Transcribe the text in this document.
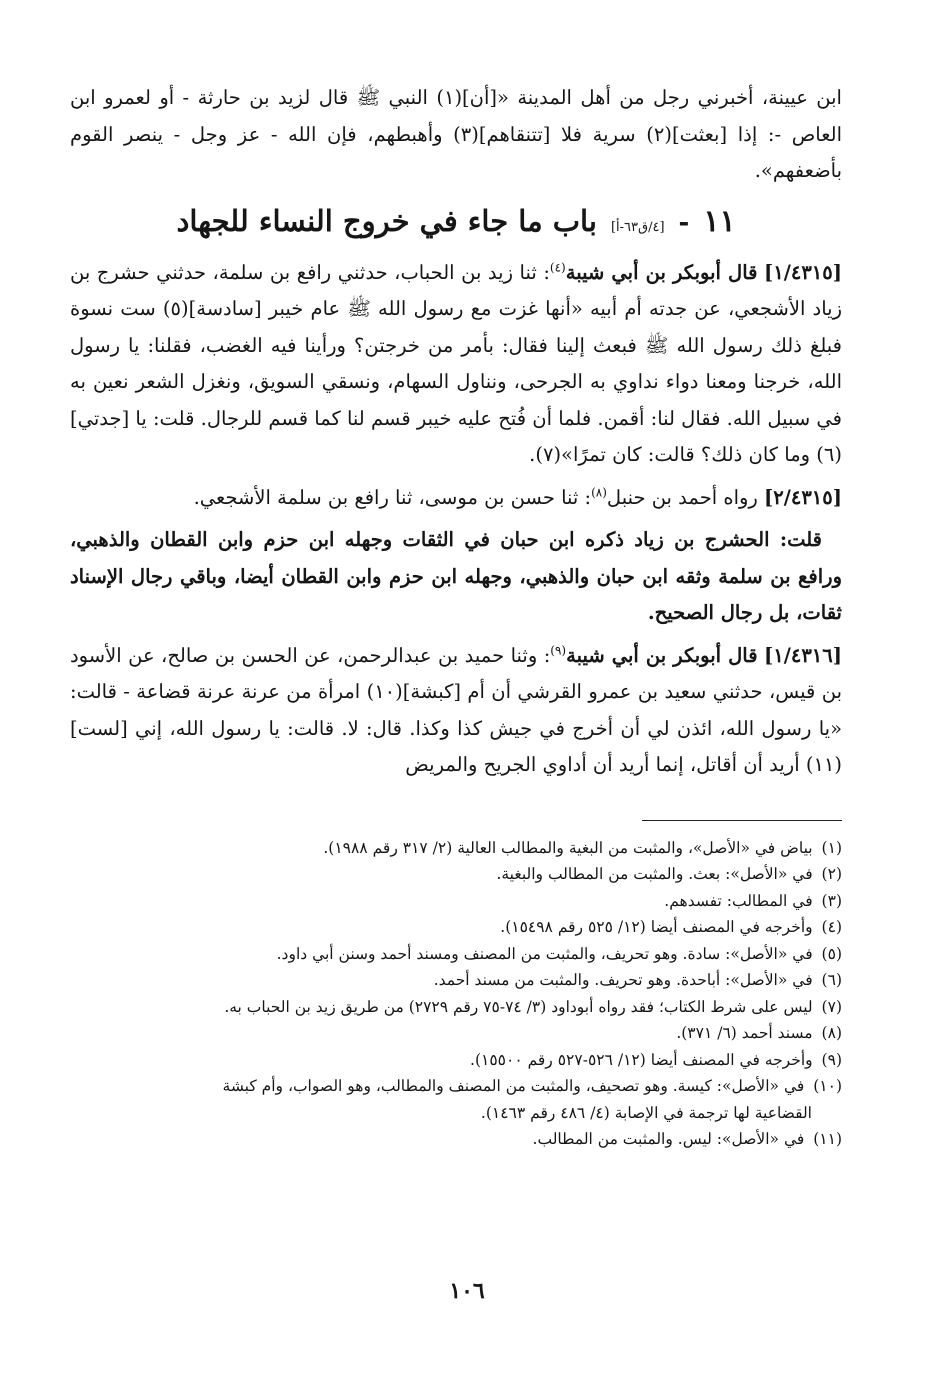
ابن عيينة، أخبرني رجل من أهل المدينة «[أن](١) النبي ﷺ قال لزيد بن حارثة - أو لعمرو ابن العاص -: إذا [بعثت](٢) سرية فلا [تتنقاهم](٣) وأهبطهم، فإن الله - عز وجل - ينصر القوم بأضعفهم».

١١
-
[٤/ق٦٣-أ]
باب ما جاء في خروج النساء للجهاد

[١/٤٣١٥] قال أبوبكر بن أبي شيبة$^{(٤)}$: ثنا زيد بن الحباب، حدثني رافع بن سلمة، حدثني حشرج بن زياد الأشجعي، عن جدته أم أبيه «أنها غزت مع رسول الله ﷺ عام خيبر [سادسة](٥) ست نسوة فبلغ ذلك رسول الله ﷺ فبعث إلينا فقال: بأمر من خرجتن؟ ورأينا فيه الغضب، فقلنا: يا رسول الله، خرجنا ومعنا دواء نداوي به الجرحى، ونناول السهام، ونسقي السويق، ونغزل الشعر نعين به في سبيل الله. فقال لنا: أقمن. فلما أن فُتح عليه خيبر قسم لنا كما قسم للرجال. قلت: يا [جدتي](٦) وما كان ذلك؟ قالت: كان تمرًا»(٧).

[٢/٤٣١٥] رواه أحمد بن حنبل$^{(٨)}$: ثنا حسن بن موسى، ثنا رافع بن سلمة الأشجعي.

قلت: الحشرج بن زياد ذكره ابن حبان في الثقات وجهله ابن حزم وابن القطان والذهبي، ورافع بن سلمة وثقه ابن حبان والذهبي، وجهله ابن حزم وابن القطان أيضا، وباقي رجال الإسناد ثقات، بل رجال الصحيح.

[١/٤٣١٦] قال أبوبكر بن أبي شيبة$^{(٩)}$: وثنا حميد بن عبدالرحمن، عن الحسن بن صالح، عن الأسود بن قيس، حدثني سعيد بن عمرو القرشي أن أم [كبشة](١٠) امرأة من عرنة عرنة قضاعة - قالت: «يا رسول الله، ائذن لي أن أخرج في جيش كذا وكذا. قال: لا. قالت: يا رسول الله، إني [لست](١١) أريد أن أقاتل، إنما أريد أن أداوي الجريح والمريض

(١) بياض في «الأصل»، والمثبت من البغية والمطالب العالية (٢/ ٣١٧ رقم ١٩٨٨).
(٢) في «الأصل»: بعث. والمثبت من المطالب والبغية.
(٣) في المطالب: تفسدهم.
(٤) وأخرجه في المصنف أيضا (١٢/ ٥٢٥ رقم ١٥٤٩٨).
(٥) في «الأصل»: سادة. وهو تحريف، والمثبت من المصنف ومسند أحمد وسنن أبي داود.
(٦) في «الأصل»: أباحدة. وهو تحريف. والمثبت من مسند أحمد.
(٧) ليس على شرط الكتاب؛ فقد رواه أبوداود (٣/ ٧٤-٧٥ رقم ٢٧٢٩) من طريق زيد بن الحباب به.
(٨) مسند أحمد (٦/ ٣٧١).
(٩) وأخرجه في المصنف أيضا (١٢/ ٥٢٦-٥٢٧ رقم ١٥٥٠٠).
(١٠) في «الأصل»: كيسة. وهو تصحيف، والمثبت من المصنف والمطالب، وهو الصواب، وأم كبشة
القضاعية لها ترجمة في الإصابة (٤/ ٤٨٦ رقم ١٤٦٣).
(١١) في «الأصل»: ليس. والمثبت من المطالب.
١٠٦
